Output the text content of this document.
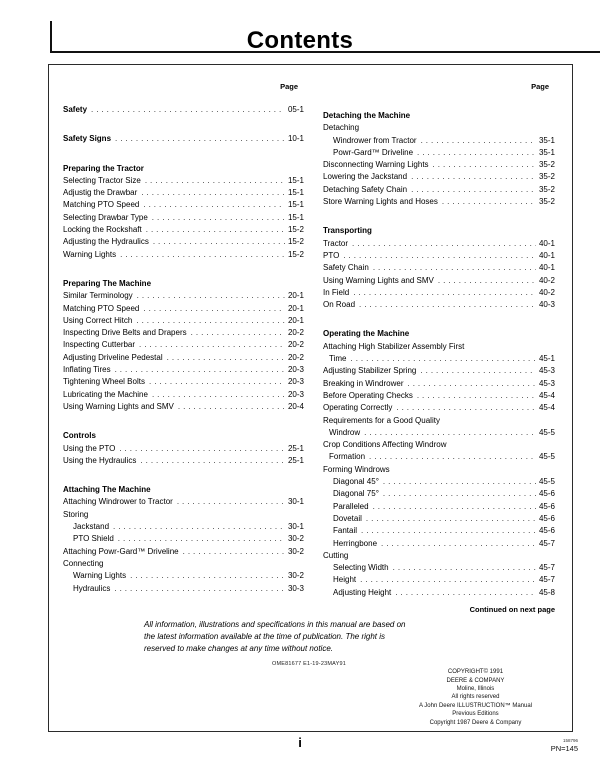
Contents
Page
Safety .....	05-1
Safety Signs .....	10-1
Preparing the Tractor
Selecting Tractor Size .....	15-1
Adjustig the Drawbar .....	15-1
Matching PTO Speed .....	15-1
Selecting Drawbar Type .....	15-1
Locking the Rockshaft .....	15-2
Adjusting the Hydraulics .....	15-2
Warning Lights .....	15-2
Preparing The Machine
Similar Terminology .....	20-1
Matching PTO Speed .....	20-1
Using Correct Hitch .....	20-1
Inspecting Drive Belts and Drapers .....	20-2
Inspecting Cutterbar .....	20-2
Adjusting Driveline Pedestal .....	20-2
Inflating Tires .....	20-3
Tightening Wheel Bolts .....	20-3
Lubricating the Machine .....	20-3
Using Warning Lights and SMV .....	20-4
Controls
Using the PTO .....	25-1
Using the Hydraulics .....	25-1
Attaching The Machine
Attaching Windrower to Tractor .....	30-1
Storing
Jackstand .....	30-1
PTO Shield .....	30-2
Attaching Powr-Gard™ Driveline .....	30-2
Connecting
Warning Lights .....	30-2
Hydraulics .....	30-3
Page
Detaching the Machine
Detaching
Windrower from Tractor .....	35-1
Powr-Gard™ Driveline .....	35-1
Disconnecting Warning Lights .....	35-2
Lowering the Jackstand .....	35-2
Detaching Safety Chain .....	35-2
Store Warning Lights and Hoses .....	35-2
Transporting
Tractor .....	40-1
PTO .....	40-1
Safety Chain .....	40-1
Using Warning Lights and SMV .....	40-2
In Field .....	40-2
On Road .....	40-3
Operating the Machine
Attaching High Stabilizer Assembly First
Time .....	45-1
Adjusting Stabilizer Spring .....	45-3
Breaking in Windrower .....	45-3
Before Operating Checks .....	45-4
Operating Correctly .....	45-4
Requirements for a Good Quality
Windrow .....	45-5
Crop Conditions Affecting Windrow
Formation .....	45-5
Forming Windrows
Diagonal 45° .....	45-5
Diagonal 75° .....	45-6
Paralleled .....	45-6
Dovetail .....	45-6
Fantail .....	45-6
Herringbone .....	45-7
Cutting
Selecting Width .....	45-7
Height .....	45-7
Adjusting Height .....	45-8
Continued on next page
All information, illustrations and specifications in this manual are based on
the latest information available at the time of publication. The right is
reserved to make changes at any time without notice.
OME81677 E1-19-23MAY91
COPYRIGHT© 1991
DEERE & COMPANY
Moline, Illinois
All rights reserved
A John Deere ILLUSTRUCTION™ Manual
Previous Editions
Copyright 1987 Deere & Company
i	158796
PN=145
